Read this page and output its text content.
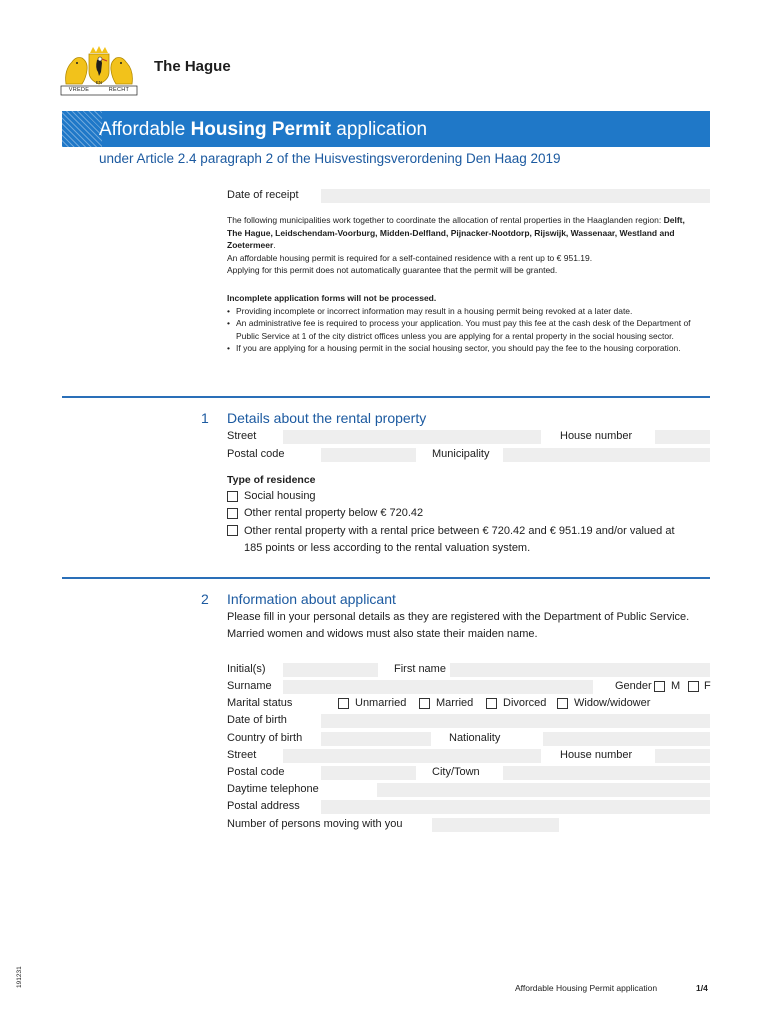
VREDE
EN
RECHT
The Hague
Affordable Housing Permit application
under Article 2.4 paragraph 2 of the Huisvestingsverordening Den Haag 2019
Date of receipt
The following municipalities work together to coordinate the allocation of rental properties in the Haaglanden region: Delft, The Hague, Leidschendam-Voorburg, Midden-Delfland, Pijnacker-Nootdorp, Rijswijk, Wassenaar, Westland and Zoetermeer.
An affordable housing permit is required for a self-contained residence with a rent up to € 951.19.
Applying for this permit does not automatically guarantee that the permit will be granted.
Incomplete application forms will not be processed.
• Providing incomplete or incorrect information may result in a housing permit being revoked at a later date.
• An administrative fee is required to process your application. You must pay this fee at the cash desk of the Department of Public Service at 1 of the city district offices unless you are applying for a rental property in the social housing sector.
• If you are applying for a housing permit in the social housing sector, you should pay the fee to the housing corporation.
1 Details about the rental property
Street	House number
Postal code	Municipality
Type of residence
Social housing
Other rental property below € 720.42
Other rental property with a rental price between € 720.42 and € 951.19 and/or valued at
185 points or less according to the rental valuation system.
2 Information about applicant
Please fill in your personal details as they are registered with the Department of Public Service.
Married women and widows must also state their maiden name.
Initial(s)	First name
Surname	Gender M F
Marital status	Unmarried	Married	Divorced	Widow/widower
Date of birth
Country of birth	Nationality
Street	House number
Postal code	City/Town
Daytime telephone
Postal address
Number of persons moving with you
Affordable Housing Permit application	1/4
191231
